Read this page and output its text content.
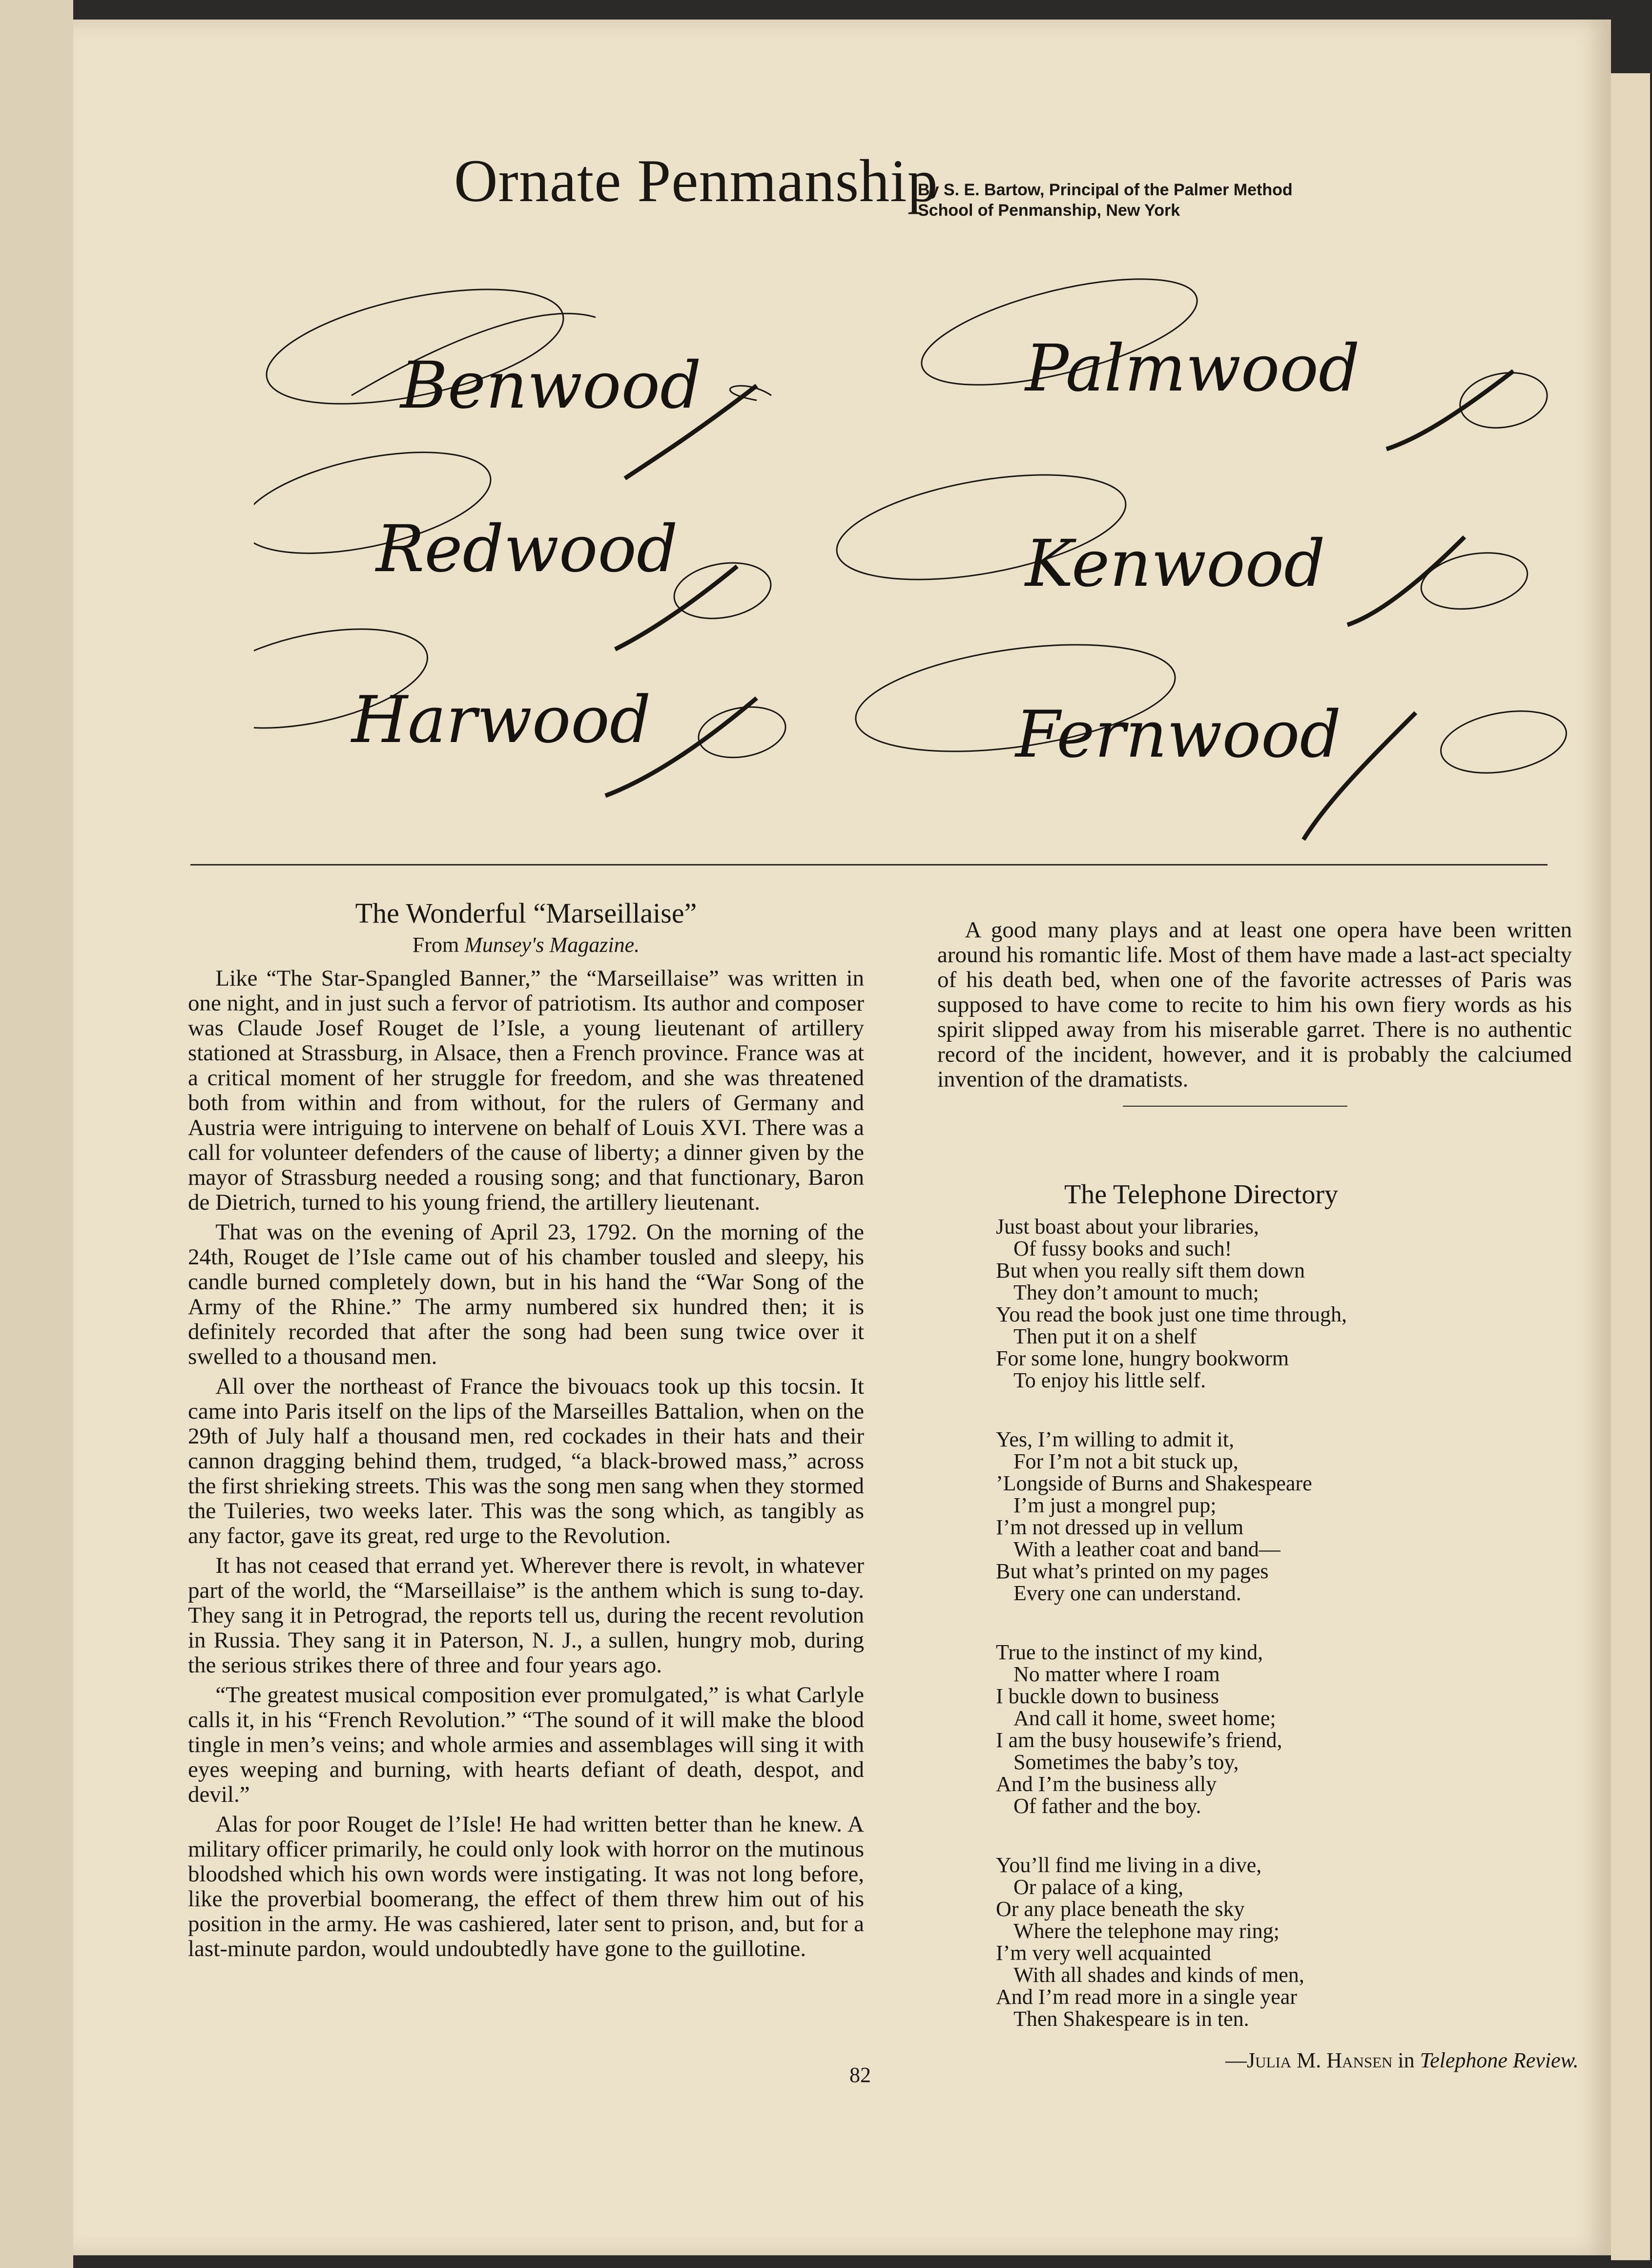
Ornate Penmanship
By S. E. Bartow, Principal of the Palmer Method
School of Penmanship, New York
Benwood	Palmwood
Redwood	Kenwood
Harwood	Fernwood
The Wonderful “Marseillaise”
From Munsey's Magazine.

Like “The Star-Spangled Banner,” the “Marseillaise” was written in one night, and in just such a fervor of patriotism. Its author and composer was Claude Josef Rouget de l’Isle, a young lieutenant of artillery stationed at Strassburg, in Alsace, then a French province. France was at a critical moment of her struggle for freedom, and she was threatened both from within and from without, for the rulers of Germany and Austria were intriguing to intervene on behalf of Louis XVI. There was a call for volunteer defenders of the cause of liberty; a dinner given by the mayor of Strassburg needed a rousing song; and that functionary, Baron de Dietrich, turned to his young friend, the artillery lieutenant.

That was on the evening of April 23, 1792. On the morning of the 24th, Rouget de l’Isle came out of his chamber tousled and sleepy, his candle burned completely down, but in his hand the “War Song of the Army of the Rhine.” The army numbered six hundred then; it is definitely recorded that after the song had been sung twice over it swelled to a thousand men.

All over the northeast of France the bivouacs took up this tocsin. It came into Paris itself on the lips of the Marseilles Battalion, when on the 29th of July half a thousand men, red cockades in their hats and their cannon dragging behind them, trudged, “a black-browed mass,” across the first shrieking streets. This was the song men sang when they stormed the Tuileries, two weeks later. This was the song which, as tangibly as any factor, gave its great, red urge to the Revolution.

It has not ceased that errand yet. Wherever there is revolt, in whatever part of the world, the “Marseillaise” is the anthem which is sung to-day. They sang it in Petrograd, the reports tell us, during the recent revolution in Russia. They sang it in Paterson, N. J., a sullen, hungry mob, during the serious strikes there of three and four years ago.

“The greatest musical composition ever promulgated,” is what Carlyle calls it, in his “French Revolution.” “The sound of it will make the blood tingle in men’s veins; and whole armies and assemblages will sing it with eyes weeping and burning, with hearts defiant of death, despot, and devil.”

Alas for poor Rouget de l’Isle! He had written better than he knew. A military officer primarily, he could only look with horror on the mutinous bloodshed which his own words were instigating. It was not long before, like the proverbial boomerang, the effect of them threw him out of his position in the army. He was cashiered, later sent to prison, and, but for a last-minute pardon, would undoubtedly have gone to the guillotine.

A good many plays and at least one opera have been written around his romantic life. Most of them have made a last-act specialty of his death bed, when one of the favorite actresses of Paris was supposed to have come to recite to him his own fiery words as his spirit slipped away from his miserable garret. There is no authentic record of the incident, however, and it is probably the calciumed invention of the dramatists.

The Telephone Directory
Just boast about your libraries,
Of fussy books and such!
But when you really sift them down
They don’t amount to much;
You read the book just one time through,
Then put it on a shelf
For some lone, hungry bookworm
To enjoy his little self.
Yes, I’m willing to admit it,
For I’m not a bit stuck up,
’Longside of Burns and Shakespeare
I’m just a mongrel pup;
I’m not dressed up in vellum
With a leather coat and band—
But what’s printed on my pages
Every one can understand.
True to the instinct of my kind,
No matter where I roam
I buckle down to business
And call it home, sweet home;
I am the busy housewife’s friend,
Sometimes the baby’s toy,
And I’m the business ally
Of father and the boy.
You’ll find me living in a dive,
Or palace of a king,
Or any place beneath the sky
Where the telephone may ring;
I’m very well acquainted
With all shades and kinds of men,
And I’m read more in a single year
Then Shakespeare is in ten.
—Julia M. Hansen in Telephone Review.
82
